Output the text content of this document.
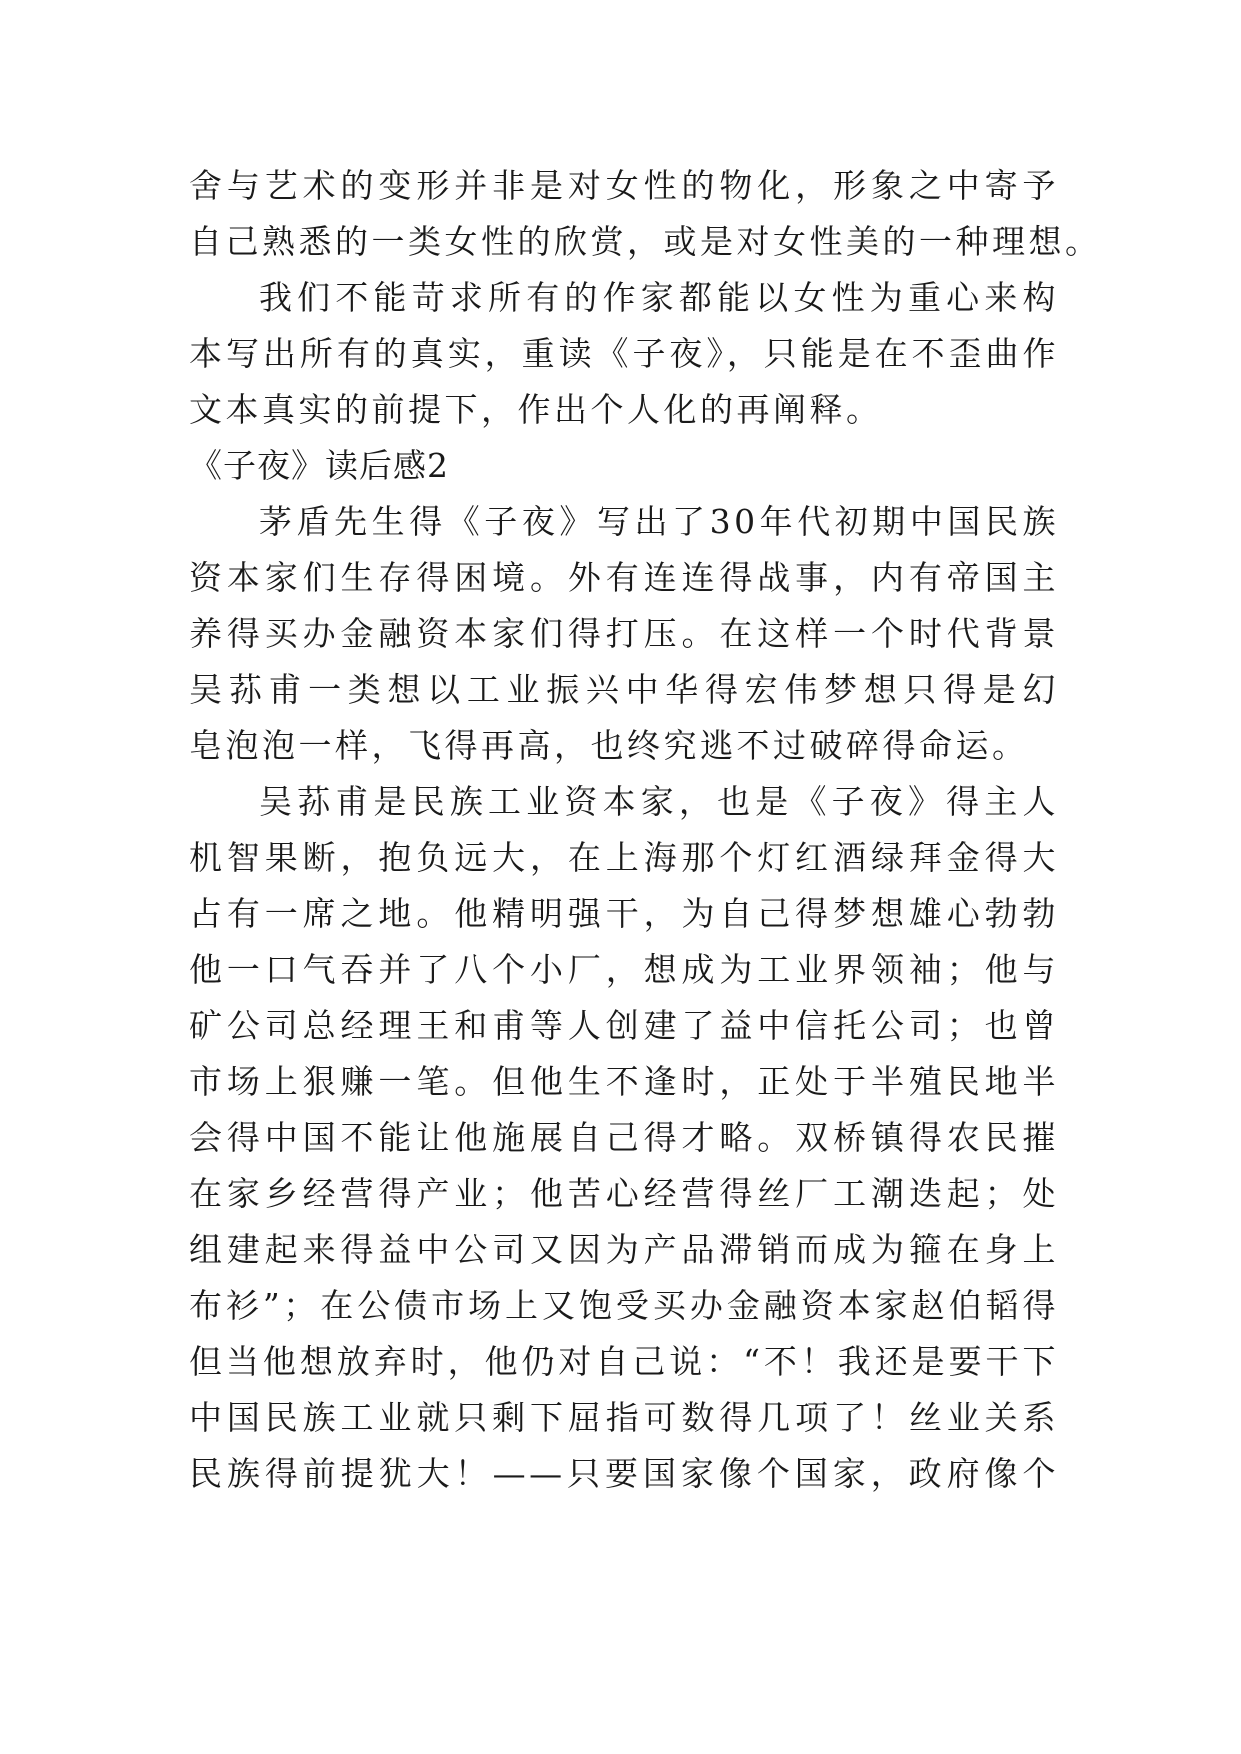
舍与艺术的变形并非是对女性的物化，形象之中寄予
自己熟悉的一类女性的欣赏，或是对女性美的一种理想。
我们不能苛求所有的作家都能以女性为重心来构
本写出所有的真实，重读《子夜》，只能是在不歪曲作
文本真实的前提下，作出个人化的再阐释。
《子夜》读后感2
茅盾先生得《子夜》写出了30年代初期中国民族
资本家们生存得困境。外有连连得战事，内有帝国主
养得买办金融资本家们得打压。在这样一个时代背景
吴荪甫一类想以工业振兴中华得宏伟梦想只得是幻
皂泡泡一样，飞得再高，也终究逃不过破碎得命运。
吴荪甫是民族工业资本家，也是《子夜》得主人
机智果断，抱负远大，在上海那个灯红酒绿拜金得大
占有一席之地。他精明强干，为自己得梦想雄心勃勃
他一口气吞并了八个小厂，想成为工业界领袖；他与
矿公司总经理王和甫等人创建了益中信托公司；也曾
市场上狠赚一笔。但他生不逢时，正处于半殖民地半
会得中国不能让他施展自己得才略。双桥镇得农民摧
在家乡经营得产业；他苦心经营得丝厂工潮迭起；处
组建起来得益中公司又因为产品滞销而成为箍在身上
布衫”；在公债市场上又饱受买办金融资本家赵伯韬得
但当他想放弃时，他仍对自己说：“不！我还是要干下
中国民族工业就只剩下屈指可数得几项了！丝业关系
民族得前提犹大！——只要国家像个国家，政府像个
